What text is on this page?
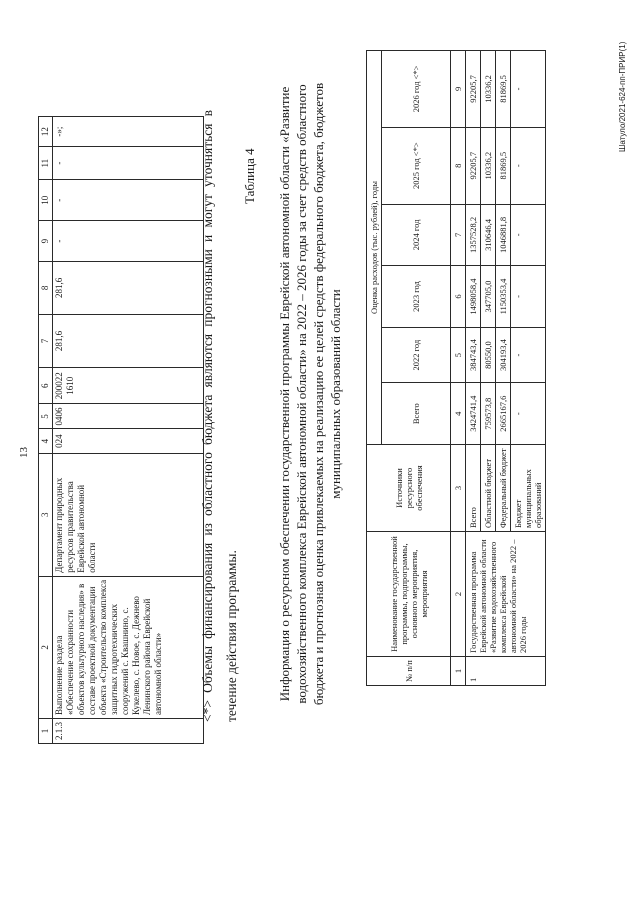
13
1	2	3	4	5	6	7	8	9	10	11	12
2.1.3	Выполнение раздела «Обеспечение сохранности объектов культурного наследия» в составе проектной документации объекта «Строительство комплекса защитных гидротехнических сооружений с. Квашнино, с. Кукелево, с. Новое, с. Дежнево Ленинского района Еврейской автономной области»	Департамент природных ресурсов правительства Еврейской автономной области	024	0406	200022 1610	281,6	281,6	-	-	-	-»;	<*> Объемы финансирования из областного бюджета являются прогнозными и могут уточняться в течение действия программы.
Таблица 4 Информация о ресурсном обеспечении государственной программы Еврейской автономной области «Развитие водохозяйственного комплекса Еврейской автономной области» на 2022 – 2026 годы за счет средств областного бюджета и прогнозная оценка привлекаемых на реализацию ее целей средств федерального бюджета, бюджетов муниципальных образований области
№ п/п	Наименование государственной программы, подпрограммы, основного мероприятия, мероприятия	Источники ресурсного обеспечения	Оценка расходов (тыс. рублей), годы					
			Всего	2022 год	2023 год	2024 год	2025 год <*>	2026 год <*>
1	2	3	4	5	6	7	8	9
1	Государственная программа Еврейской автономной области «Развитие водохозяйственного комплекса Еврейской автономной области» на 2022 – 2026 годы	Всего	3424741,4	384743,4	1498058,4	1357528,2	92205,7	92205,7
		Областной бюджет	759573,8	80550,0	347705,0	310646,4	10336,2	10336,2
		Федеральный бюджет	2665167,6	304193,4	1150353,4	1046881,8	81869,5	81869,5
		Бюджет муниципальных образований	-	-	-	-	-	-	Шатуло/2021-624-пп-ПРИР(1)
